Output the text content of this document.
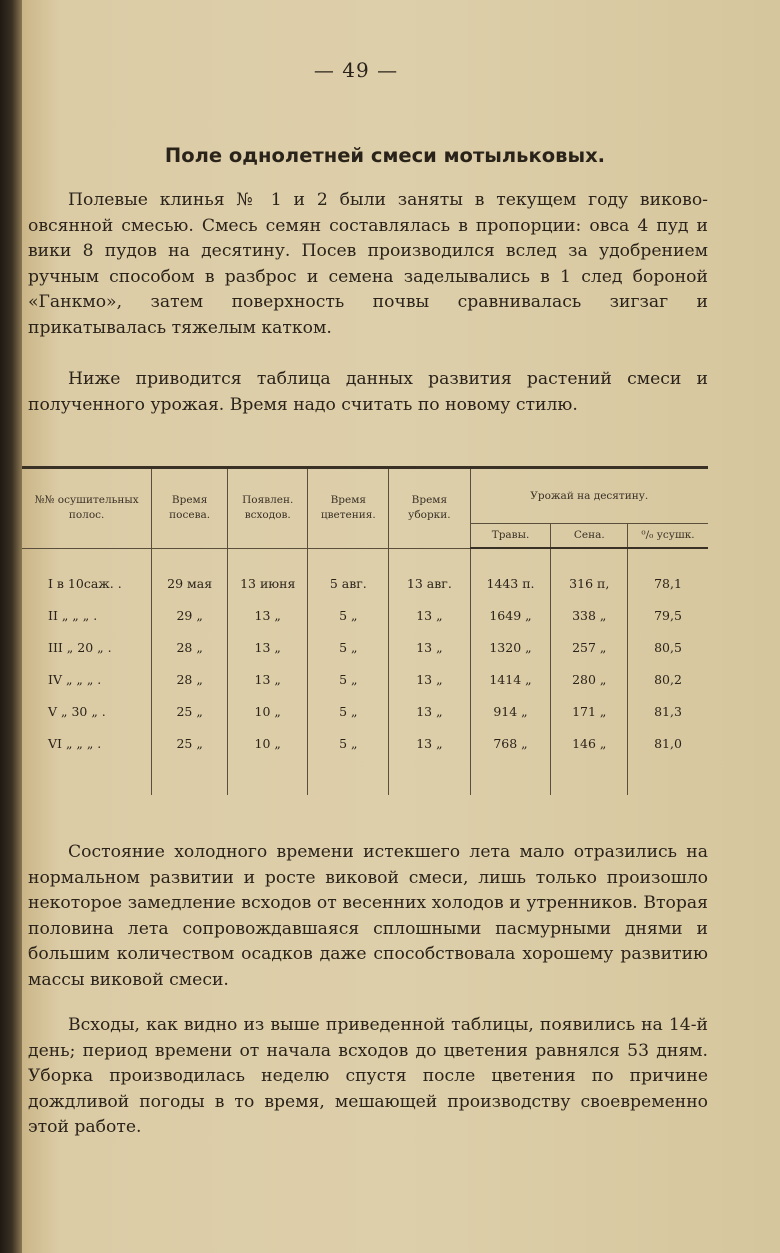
— 49 —
Поле однолетней смеси мотыльковых.

Полевые клинья № 1 и 2 были заняты в текущем году виково-овсянной смесью. Смесь семян составлялась в пропорции: овса 4 пуд и вики 8 пудов на десятину. Посев производился вслед за удобрением ручным способом в разброс и семена заделывались в 1 след бороной «Ганкмо», затем поверхность почвы сравнивалась зигзаг и прикатывалась тяжелым катком.

Ниже приводится таблица данных развития растений смеси и полученного урожая. Время надо считать по новому стилю.

№№ осушительных полос.	Время посева.	Появлен. всходов.	Время цветения.	Время уборки.	Урожай на десятину.		
					Травы.	Сена.	⁰/₀ усушк.

I в 10саж. .	29 мая	13 июня	5 авг.	13 авг.	1443 п.	316 п,	78,1
II „ „ „ .	29 „	13 „	5 „	13 „	1649 „	338 „	79,5
III „ 20 „ .	28 „	13 „	5 „	13 „	1320 „	257 „	80,5
IV „ „ „ .	28 „	13 „	5 „	13 „	1414 „	280 „	80,2
V „ 30 „ .	25 „	10 „	5 „	13 „	914 „	171 „	81,3
VI „ „ „ .	25 „	10 „	5 „	13 „	768 „	146 „	81,0

Состояние холодного времени истекшего лета мало отразились на нормальном развитии и росте виковой смеси, лишь только произошло некоторое замедление всходов от весенних холодов и утренников. Вторая половина лета сопровождавшаяся сплошными пасмурными днями и большим количеством осадков даже способствовала хорошему развитию массы виковой смеси.

Всходы, как видно из выше приведенной таблицы, появились на 14-й день; период времени от начала всходов до цветения равнялся 53 дням. Уборка производилась неделю спустя после цветения по причине дождливой погоды в то время, мешающей производству своевременно этой работе.
